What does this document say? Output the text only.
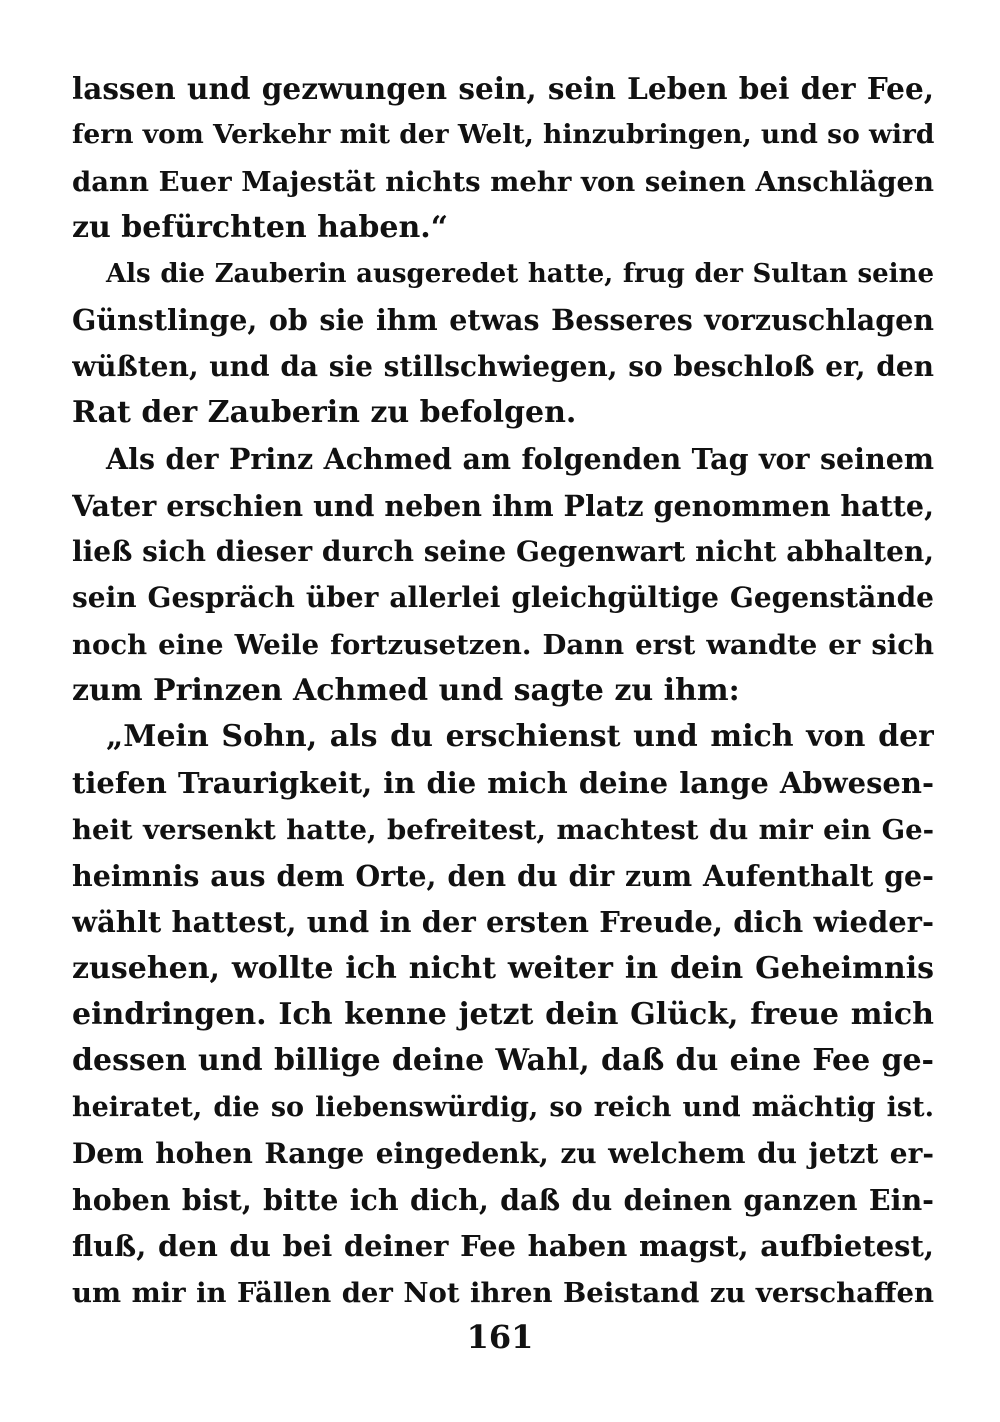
lassen und gezwungen sein, sein Leben bei der Fee,
fern vom Verkehr mit der Welt, hinzubringen, und so wird
dann Euer Majestät nichts mehr von seinen Anschlägen
zu befürchten haben.“
Als die Zauberin ausgeredet hatte, frug der Sultan seine
Günstlinge, ob sie ihm etwas Besseres vorzuschlagen
wüßten, und da sie stillschwiegen, so beschloß er, den
Rat der Zauberin zu befolgen.
Als der Prinz Achmed am folgenden Tag vor seinem
Vater erschien und neben ihm Platz genommen hatte,
ließ sich dieser durch seine Gegenwart nicht abhalten,
sein Gespräch über allerlei gleichgültige Gegenstände
noch eine Weile fortzusetzen. Dann erst wandte er sich
zum Prinzen Achmed und sagte zu ihm:
„Mein Sohn, als du erschienst und mich von der
tiefen Traurigkeit, in die mich deine lange Abwesen-
heit versenkt hatte, befreitest, machtest du mir ein Ge-
heimnis aus dem Orte, den du dir zum Aufenthalt ge-
wählt hattest, und in der ersten Freude, dich wieder-
zusehen, wollte ich nicht weiter in dein Geheimnis
eindringen. Ich kenne jetzt dein Glück, freue mich
dessen und billige deine Wahl, daß du eine Fee ge-
heiratet, die so liebenswürdig, so reich und mächtig ist.
Dem hohen Range eingedenk, zu welchem du jetzt er-
hoben bist, bitte ich dich, daß du deinen ganzen Ein-
fluß, den du bei deiner Fee haben magst, aufbietest,
um mir in Fällen der Not ihren Beistand zu verschaffen
161
